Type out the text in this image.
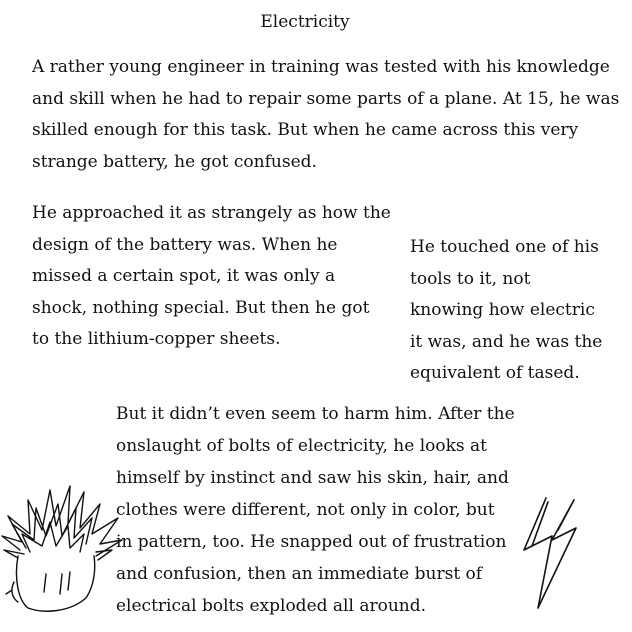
Electricity

A rather young engineer in training was tested with his knowledge

and skill when he had to repair some parts of a plane. At 15, he was

skilled enough for this task. But when he came across this very

strange battery, he got confused.

He approached it as strangely as how the

design of the battery was. When he

missed a certain spot, it was only a

shock, nothing special. But then he got

to the lithium-copper sheets.

He touched one of his

tools to it, not

knowing how electric

it was, and he was the

equivalent of tased.

But it didn’t even seem to harm him. After the

onslaught of bolts of electricity, he looks at

himself by instinct and saw his skin, hair, and

clothes were different, not only in color, but

in pattern, too. He snapped out of frustration

and confusion, then an immediate burst of

electrical bolts exploded all around.
